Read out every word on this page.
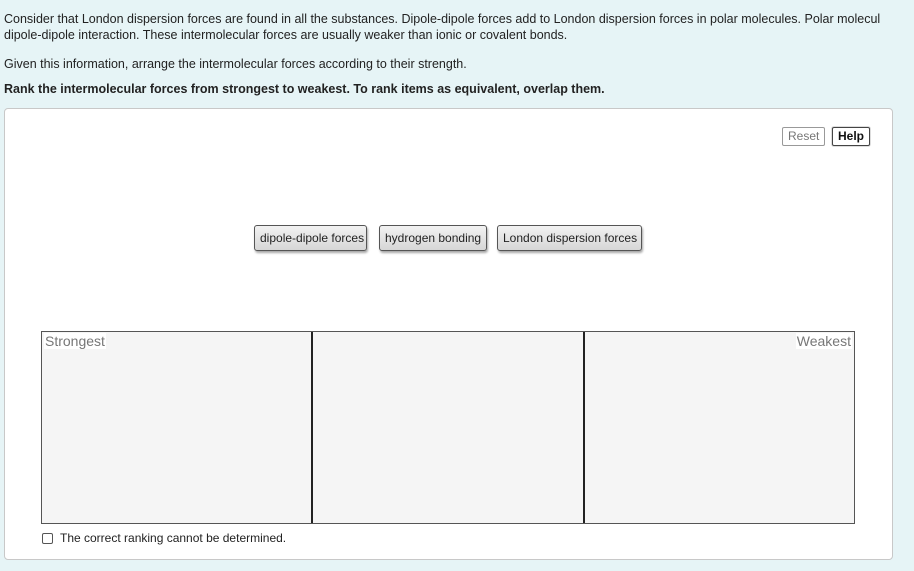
Consider that London dispersion forces are found in all the substances. Dipole-dipole forces add to London dispersion forces in polar molecules. Polar molecul
dipole-dipole interaction. These intermolecular forces are usually weaker than ionic or covalent bonds.

Given this information, arrange the intermolecular forces according to their strength.

Rank the intermolecular forces from strongest to weakest. To rank items as equivalent, overlap them.

Reset	Help
dipole-dipole forces	hydrogen bonding	London dispersion forces
Strongest	Weakest
The correct ranking cannot be determined.
